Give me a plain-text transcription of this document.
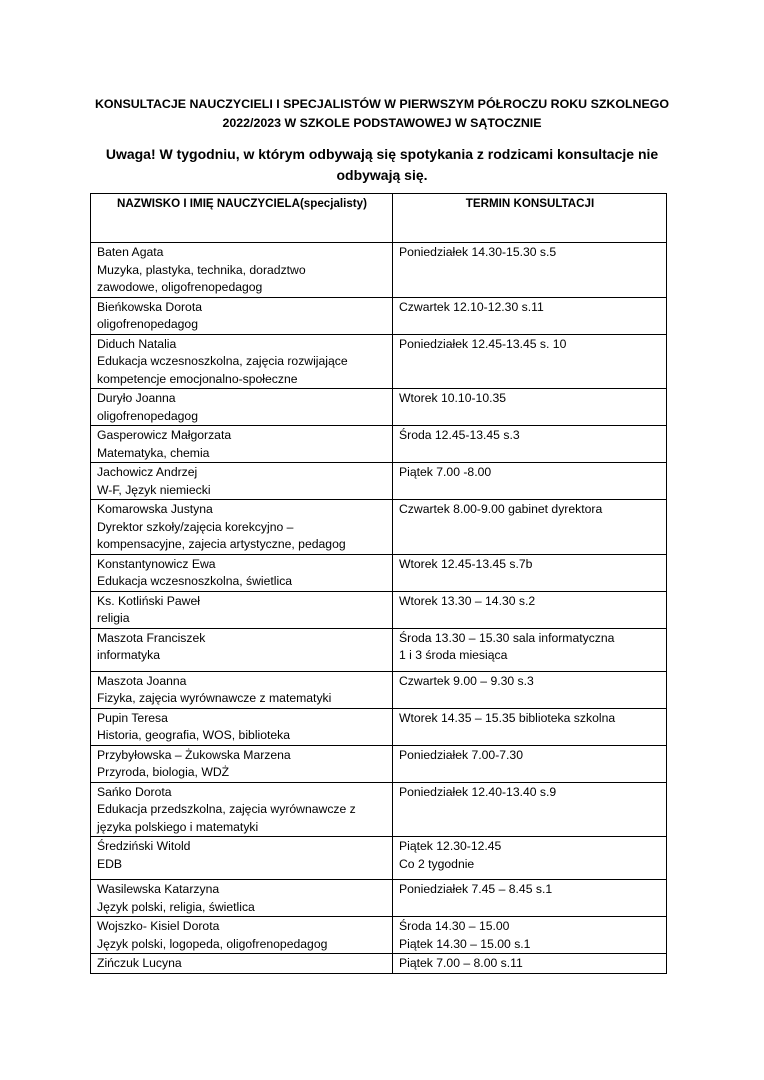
KONSULTACJE NAUCZYCIELI I SPECJALISTÓW W PIERWSZYM PÓŁROCZU ROKU SZKOLNEGO
2022/2023 W SZKOLE PODSTAWOWEJ W SĄTOCZNIE
Uwaga! W tygodniu, w którym odbywają się spotykania z rodzicami konsultacje nie
odbywają się.
NAZWISKO I IMIĘ NAUCZYCIELA(specjalisty)	TERMIN KONSULTACJI

Baten Agata
Muzyka, plastyka, technika, doradztwo
zawodowe, oligofrenopedagog	Poniedziałek 14.30-15.30 s.5

Bieńkowska Dorota
oligofrenopedagog	Czwartek 12.10-12.30 s.11

Diduch Natalia
Edukacja wczesnoszkolna, zajęcia rozwijające
kompetencje emocjonalno-społeczne	Poniedziałek 12.45-13.45 s. 10

Duryło Joanna
oligofrenopedagog	Wtorek 10.10-10.35

Gasperowicz Małgorzata
Matematyka, chemia	Środa 12.45-13.45 s.3

Jachowicz Andrzej
W-F, Język niemiecki	Piątek 7.00 -8.00

Komarowska Justyna
Dyrektor szkoły/zajęcia korekcyjno –
kompensacyjne, zajecia artystyczne, pedagog	Czwartek 8.00-9.00 gabinet dyrektora

Konstantynowicz Ewa
Edukacja wczesnoszkolna, świetlica	Wtorek 12.45-13.45 s.7b

Ks. Kotliński Paweł
religia	Wtorek 13.30 – 14.30 s.2

Maszota Franciszek
informatyka	Środa 13.30 – 15.30 sala informatyczna
1 i 3 środa miesiąca

Maszota Joanna
Fizyka, zajęcia wyrównawcze z matematyki	Czwartek 9.00 – 9.30 s.3

Pupin Teresa
Historia, geografia, WOS, biblioteka	Wtorek 14.35 – 15.35 biblioteka szkolna

Przybyłowska – Żukowska Marzena
Przyroda, biologia, WDŻ	Poniedziałek 7.00-7.30

Sańko Dorota
Edukacja przedszkolna, zajęcia wyrównawcze z
języka polskiego i matematyki	Poniedziałek 12.40-13.40 s.9

Średziński Witold
EDB	Piątek 12.30-12.45
Co 2 tygodnie

Wasilewska Katarzyna
Język polski, religia, świetlica	Poniedziałek 7.45 – 8.45 s.1

Wojszko- Kisiel Dorota
Język polski, logopeda, oligofrenopedagog	Środa 14.30 – 15.00
Piątek 14.30 – 15.00 s.1

Zińczuk Lucyna	Piątek 7.00 – 8.00 s.11
